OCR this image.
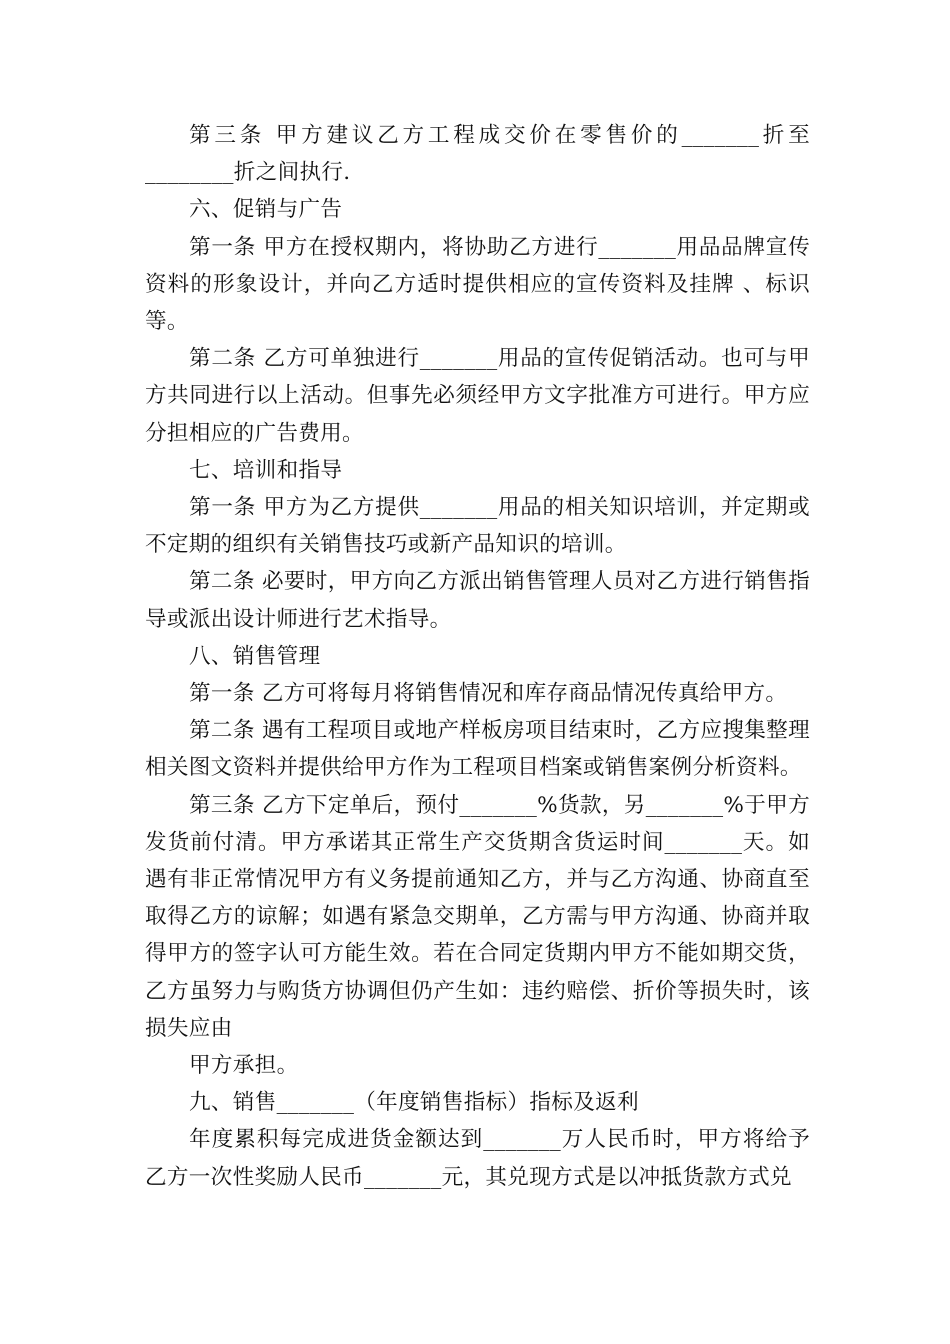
第三条 甲方建议乙方工程成交价在零售价的_______折至________折之间执行.

六、促销与广告

第一条 甲方在授权期内，将协助乙方进行_______用品品牌宣传资料的形象设计，并向乙方适时提供相应的宣传资料及挂牌 、标识等。

第二条 乙方可单独进行_______用品的宣传促销活动。也可与甲方共同进行以上活动。但事先必须经甲方文字批准方可进行。甲方应分担相应的广告费用。

七、培训和指导

第一条 甲方为乙方提供_______用品的相关知识培训，并定期或不定期的组织有关销售技巧或新产品知识的培训。

第二条 必要时，甲方向乙方派出销售管理人员对乙方进行销售指导或派出设计师进行艺术指导。

八、销售管理

第一条 乙方可将每月将销售情况和库存商品情况传真给甲方。

第二条 遇有工程项目或地产样板房项目结束时，乙方应搜集整理相关图文资料并提供给甲方作为工程项目档案或销售案例分析资料。

第三条 乙方下定单后，预付_______%货款，另_______%于甲方发货前付清。甲方承诺其正常生产交货期含货运时间_______天。如遇有非正常情况甲方有义务提前通知乙方，并与乙方沟通、协商直至取得乙方的谅解；如遇有紧急交期单，乙方需与甲方沟通、协商并取得甲方的签字认可方能生效。若在合同定货期内甲方不能如期交货，乙方虽努力与购货方协调但仍产生如：违约赔偿、折价等损失时，该损失应由

甲方承担。

九、销售_______（年度销售指标）指标及返利

年度累积每完成进货金额达到_______万人民币时，甲方将给予乙方一次性奖励人民币_______元，其兑现方式是以冲抵货款方式兑
